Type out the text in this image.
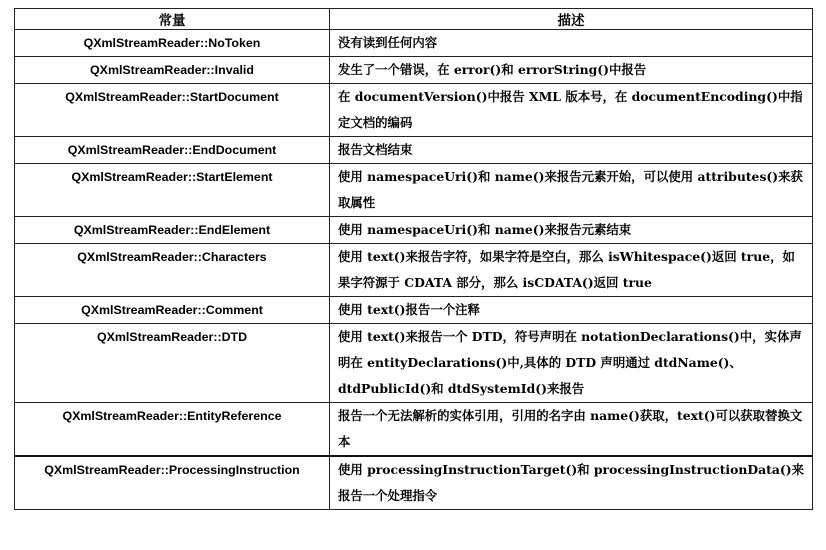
常量	描述
QXmlStreamReader::NoToken	没有读到任何内容
QXmlStreamReader::Invalid	发生了一个错误，在 error()和 errorString()中报告
QXmlStreamReader::StartDocument	在 documentVersion()中报告 XML 版本号，在 documentEncoding()中指定文档的编码
QXmlStreamReader::EndDocument	报告文档结束
QXmlStreamReader::StartElement	使用 namespaceUri()和 name()来报告元素开始，可以使用 attributes()来获取属性
QXmlStreamReader::EndElement	使用 namespaceUri()和 name()来报告元素结束
QXmlStreamReader::Characters	使用 text()来报告字符，如果字符是空白，那么 isWhitespace()返回 true，如果字符源于 CDATA 部分，那么 isCDATA()返回 true
QXmlStreamReader::Comment	使用 text()报告一个注释
QXmlStreamReader::DTD	使用 text()来报告一个 DTD，符号声明在 notationDeclarations()中，实体声明在 entityDeclarations()中,具体的 DTD 声明通过 dtdName()、dtdPublicId()和 dtdSystemId()来报告
QXmlStreamReader::EntityReference	报告一个无法解析的实体引用，引用的名字由 name()获取，text()可以获取替换文本
QXmlStreamReader::ProcessingInstruction	使用 processingInstructionTarget()和 processingInstructionData()来报告一个处理指令
